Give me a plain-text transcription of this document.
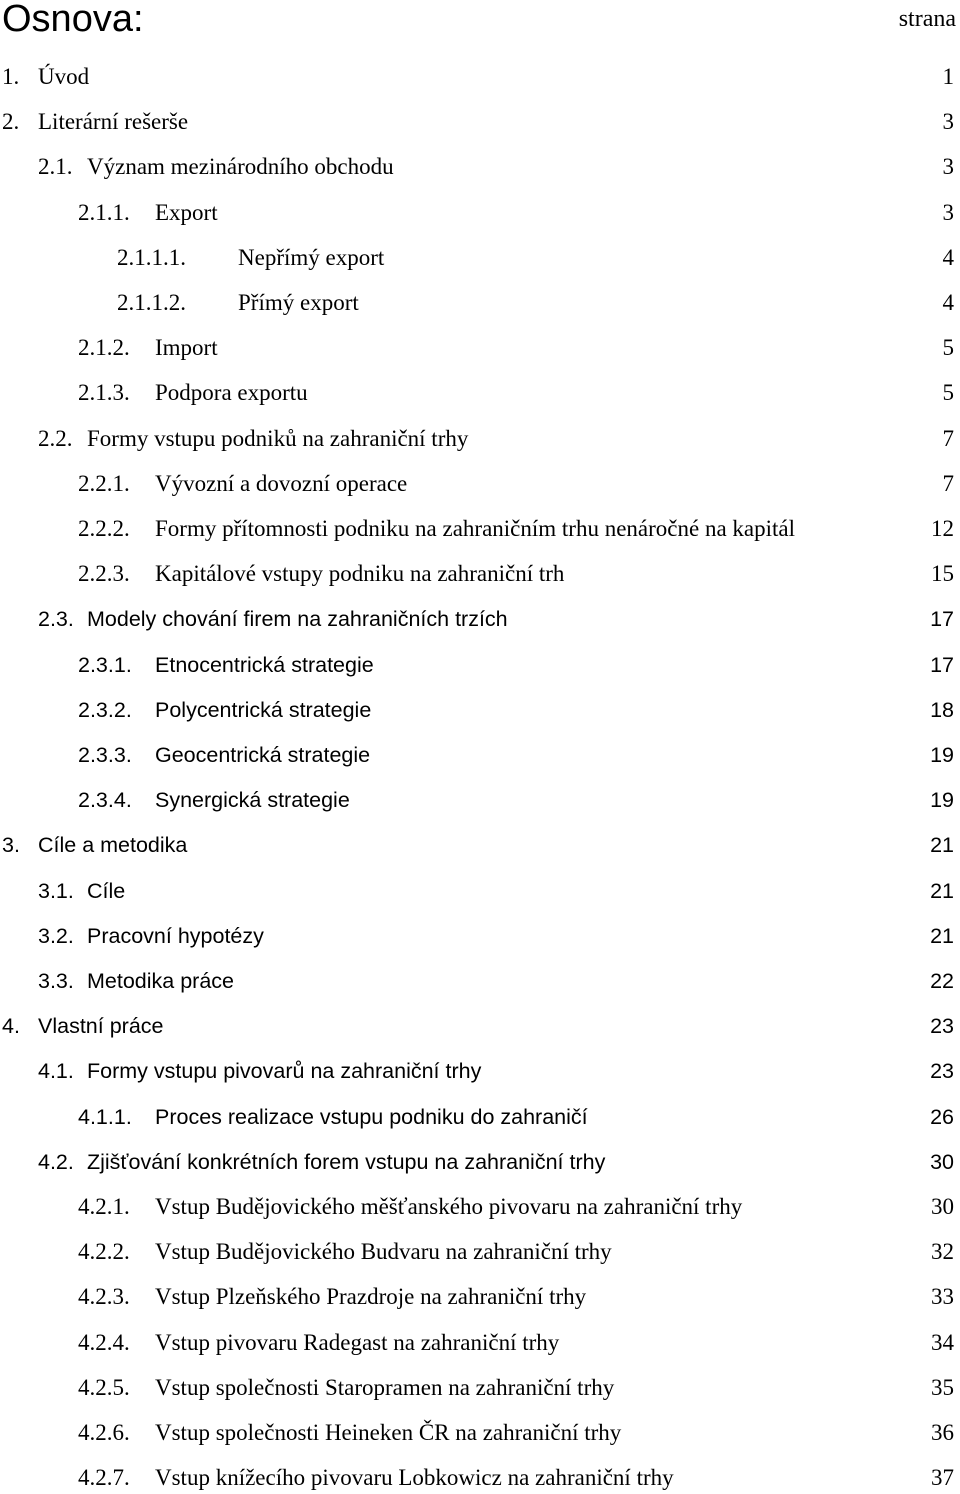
Osnova:	strana
1. Úvod	1
2. Literární rešerše	3
2.1. Význam mezinárodního obchodu	3
2.1.1. Export	3
2.1.1.1. Nepřímý export	4
2.1.1.2. Přímý export	4
2.1.2. Import	5
2.1.3. Podpora exportu	5
2.2. Formy vstupu podniků na zahraniční trhy	7
2.2.1. Vývozní a dovozní operace	7
2.2.2. Formy přítomnosti podniku na zahraničním trhu nenáročné na kapitál	12
2.2.3. Kapitálové vstupy podniku na zahraniční trh	15
2.3. Modely chování firem na zahraničních trzích	17
2.3.1. Etnocentrická strategie	17
2.3.2. Polycentrická strategie	18
2.3.3. Geocentrická strategie	19
2.3.4. Synergická strategie	19
3. Cíle a metodika	21
3.1. Cíle	21
3.2. Pracovní hypotézy	21
3.3. Metodika práce	22
4. Vlastní práce	23
4.1. Formy vstupu pivovarů na zahraniční trhy	23
4.1.1. Proces realizace vstupu podniku do zahraničí	26
4.2. Zjišťování konkrétních forem vstupu na zahraniční trhy	30
4.2.1. Vstup Budějovického měšťanského pivovaru na zahraniční trhy	30
4.2.2. Vstup Budějovického Budvaru na zahraniční trhy	32
4.2.3. Vstup Plzeňského Prazdroje na zahraniční trhy	33
4.2.4. Vstup pivovaru Radegast na zahraniční trhy	34
4.2.5. Vstup společnosti Staropramen na zahraniční trhy	35
4.2.6. Vstup společnosti Heineken ČR na zahraniční trhy	36
4.2.7. Vstup knížecího pivovaru Lobkowicz na zahraniční trhy	37
